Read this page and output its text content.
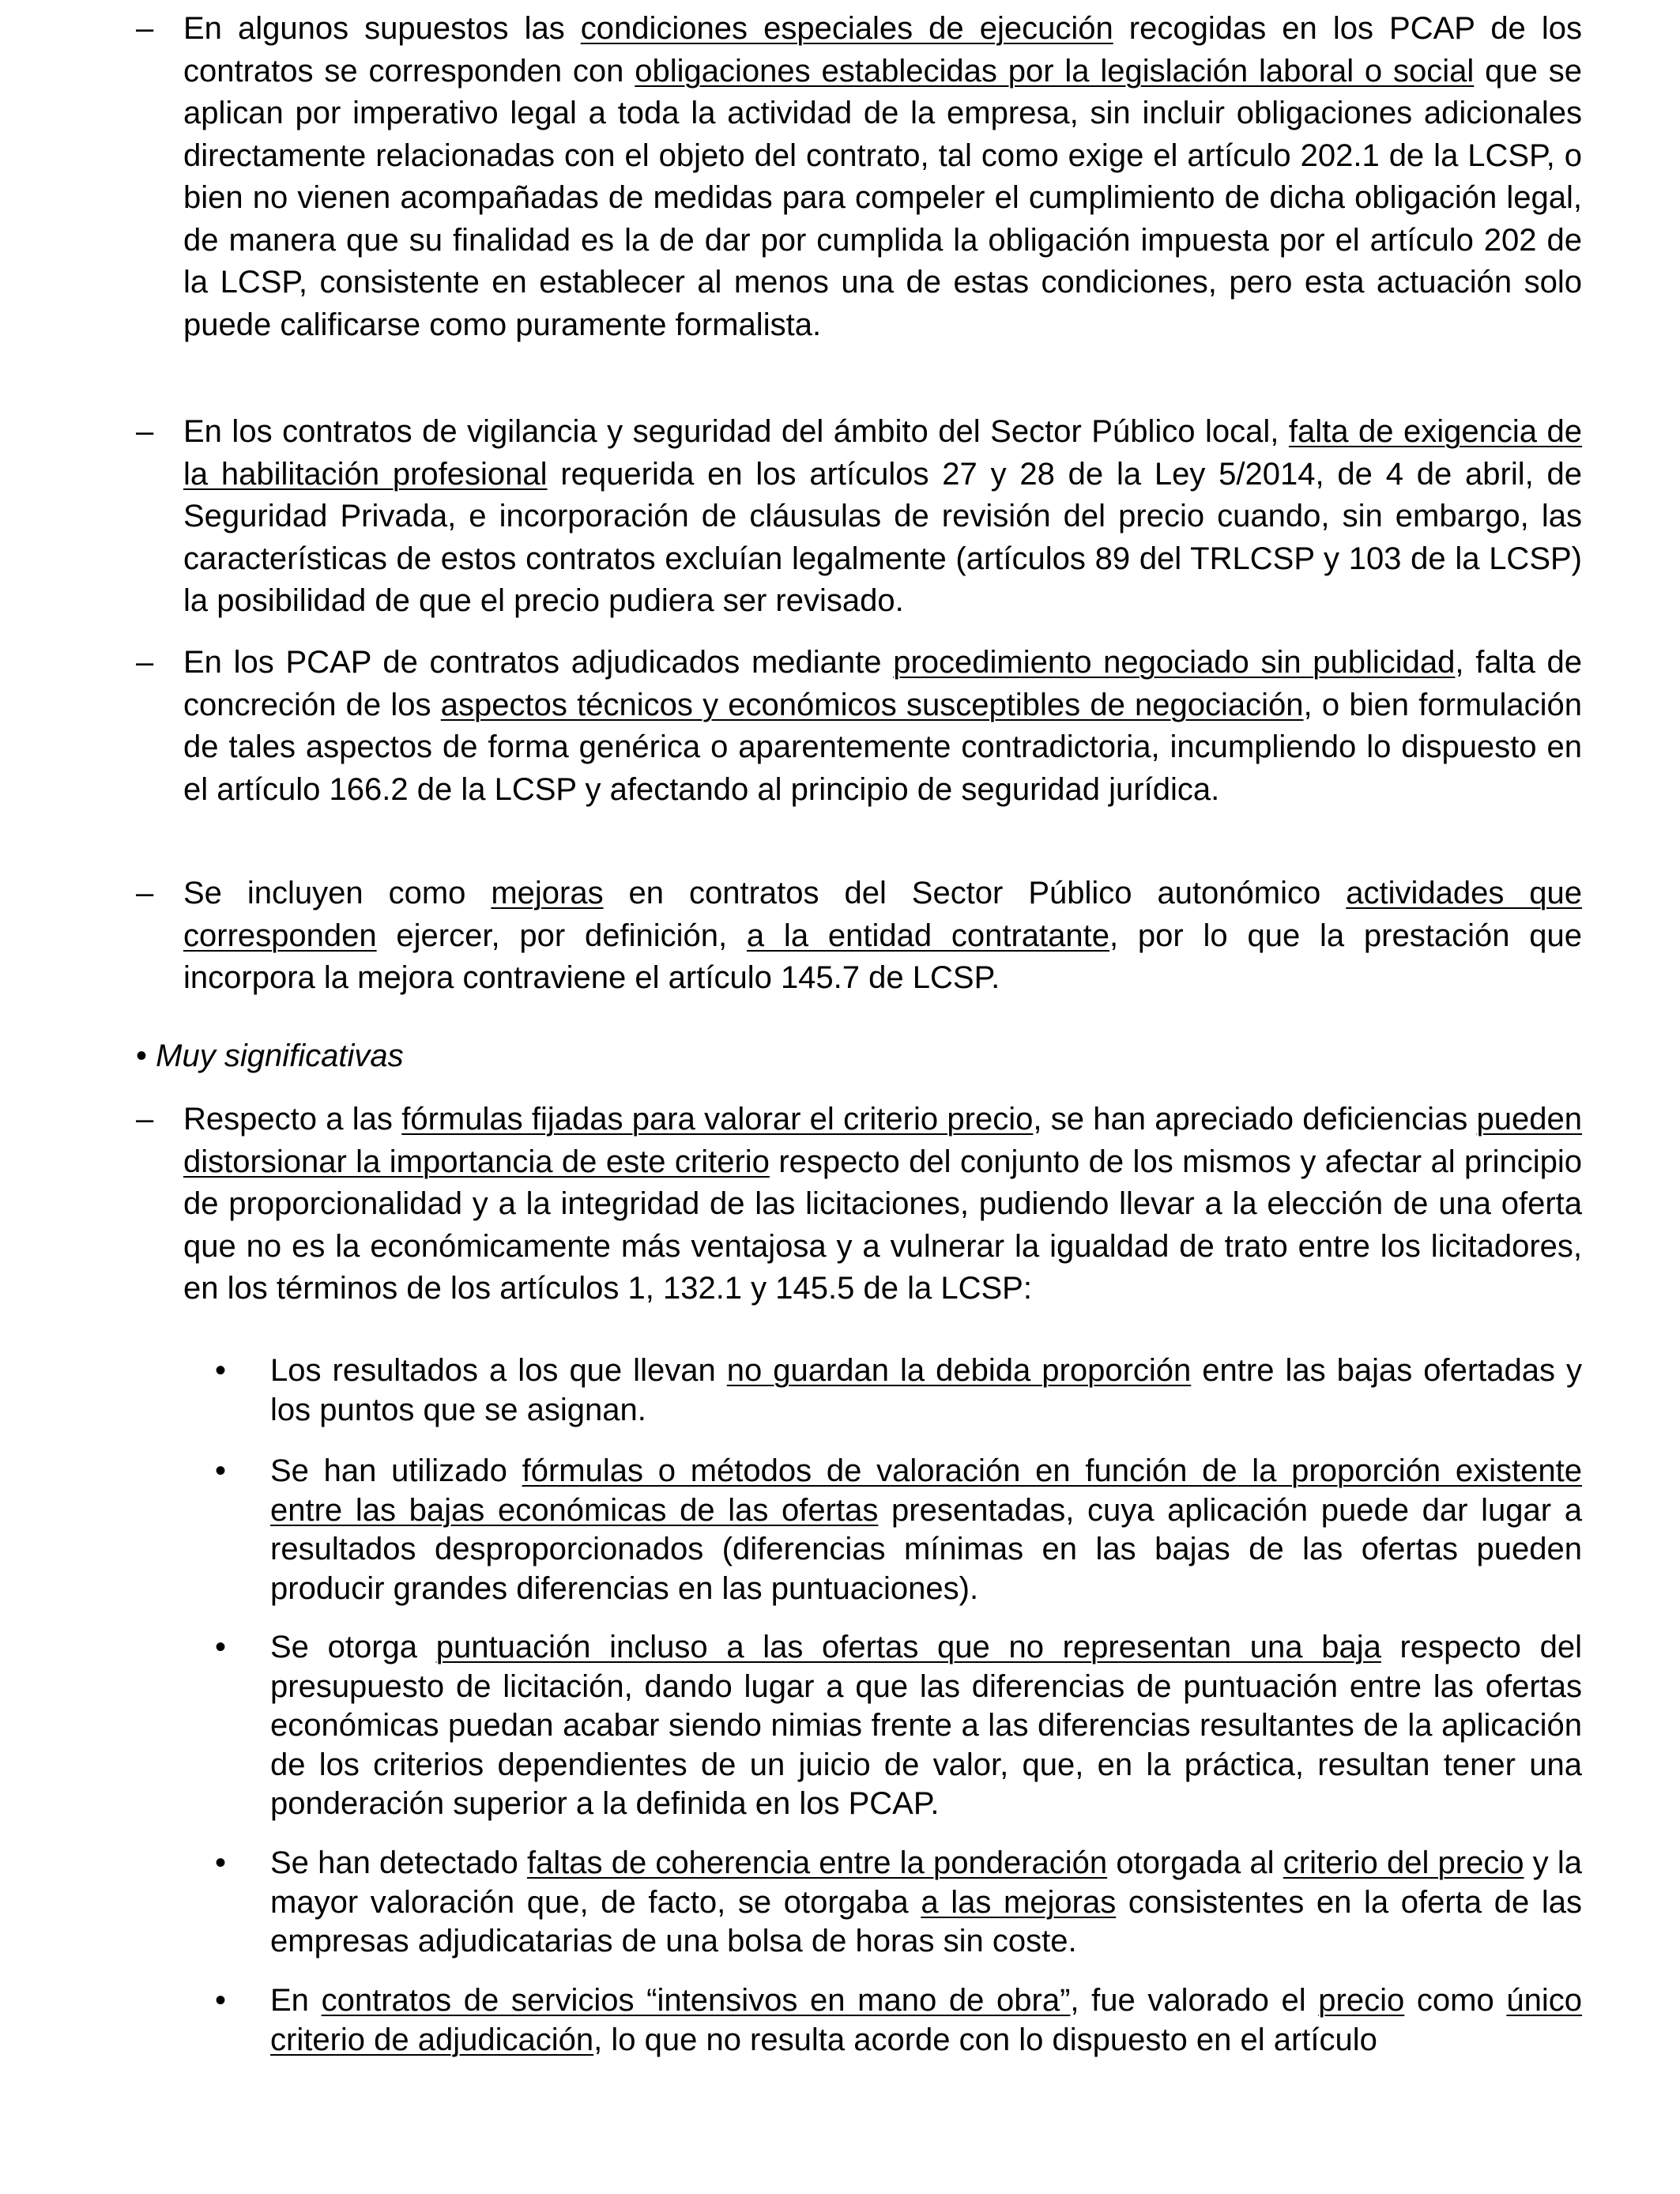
– En algunos supuestos las condiciones especiales de ejecución recogidas en los PCAP de los contratos se corresponden con obligaciones establecidas por la legislación laboral o social que se aplican por imperativo legal a toda la actividad de la empresa, sin incluir obligaciones adicionales directamente relacionadas con el objeto del contrato, tal como exige el artículo 202.1 de la LCSP, o bien no vienen acompañadas de medidas para compeler el cumplimiento de dicha obligación legal, de manera que su finalidad es la de dar por cumplida la obligación impuesta por el artículo 202 de la LCSP, consistente en establecer al menos una de estas condiciones, pero esta actuación solo puede calificarse como puramente formalista.

– En los contratos de vigilancia y seguridad del ámbito del Sector Público local, falta de exigencia de la habilitación profesional requerida en los artículos 27 y 28 de la Ley 5/2014, de 4 de abril, de Seguridad Privada, e incorporación de cláusulas de revisión del precio cuando, sin embargo, las características de estos contratos excluían legalmente (artículos 89 del TRLCSP y 103 de la LCSP) la posibilidad de que el precio pudiera ser revisado.

– En los PCAP de contratos adjudicados mediante procedimiento negociado sin publicidad, falta de concreción de los aspectos técnicos y económicos susceptibles de negociación, o bien formulación de tales aspectos de forma genérica o aparentemente contradictoria, incumpliendo lo dispuesto en el artículo 166.2 de la LCSP y afectando al principio de seguridad jurídica.

– Se incluyen como mejoras en contratos del Sector Público autonómico actividades que corresponden ejercer, por definición, a la entidad contratante, por lo que la prestación que incorpora la mejora contraviene el artículo 145.7 de LCSP.

• Muy significativas
– Respecto a las fórmulas fijadas para valorar el criterio precio, se han apreciado deficiencias pueden distorsionar la importancia de este criterio respecto del conjunto de los mismos y afectar al principio de proporcionalidad y a la integridad de las licitaciones, pudiendo llevar a la elección de una oferta que no es la económicamente más ventajosa y a vulnerar la igualdad de trato entre los licitadores, en los términos de los artículos 1, 132.1 y 145.5 de la LCSP:

• Los resultados a los que llevan no guardan la debida proporción entre las bajas ofertadas y los puntos que se asignan.

• Se han utilizado fórmulas o métodos de valoración en función de la proporción existente entre las bajas económicas de las ofertas presentadas, cuya aplicación puede dar lugar a resultados desproporcionados (diferencias mínimas en las bajas de las ofertas pueden producir grandes diferencias en las puntuaciones).

• Se otorga puntuación incluso a las ofertas que no representan una baja respecto del presupuesto de licitación, dando lugar a que las diferencias de puntuación entre las ofertas económicas puedan acabar siendo nimias frente a las diferencias resultantes de la aplicación de los criterios dependientes de un juicio de valor, que, en la práctica, resultan tener una ponderación superior a la definida en los PCAP.

• Se han detectado faltas de coherencia entre la ponderación otorgada al criterio del precio y la mayor valoración que, de facto, se otorgaba a las mejoras consistentes en la oferta de las empresas adjudicatarias de una bolsa de horas sin coste.

• En contratos de servicios “intensivos en mano de obra”, fue valorado el precio como único criterio de adjudicación, lo que no resulta acorde con lo dispuesto en el artículo
